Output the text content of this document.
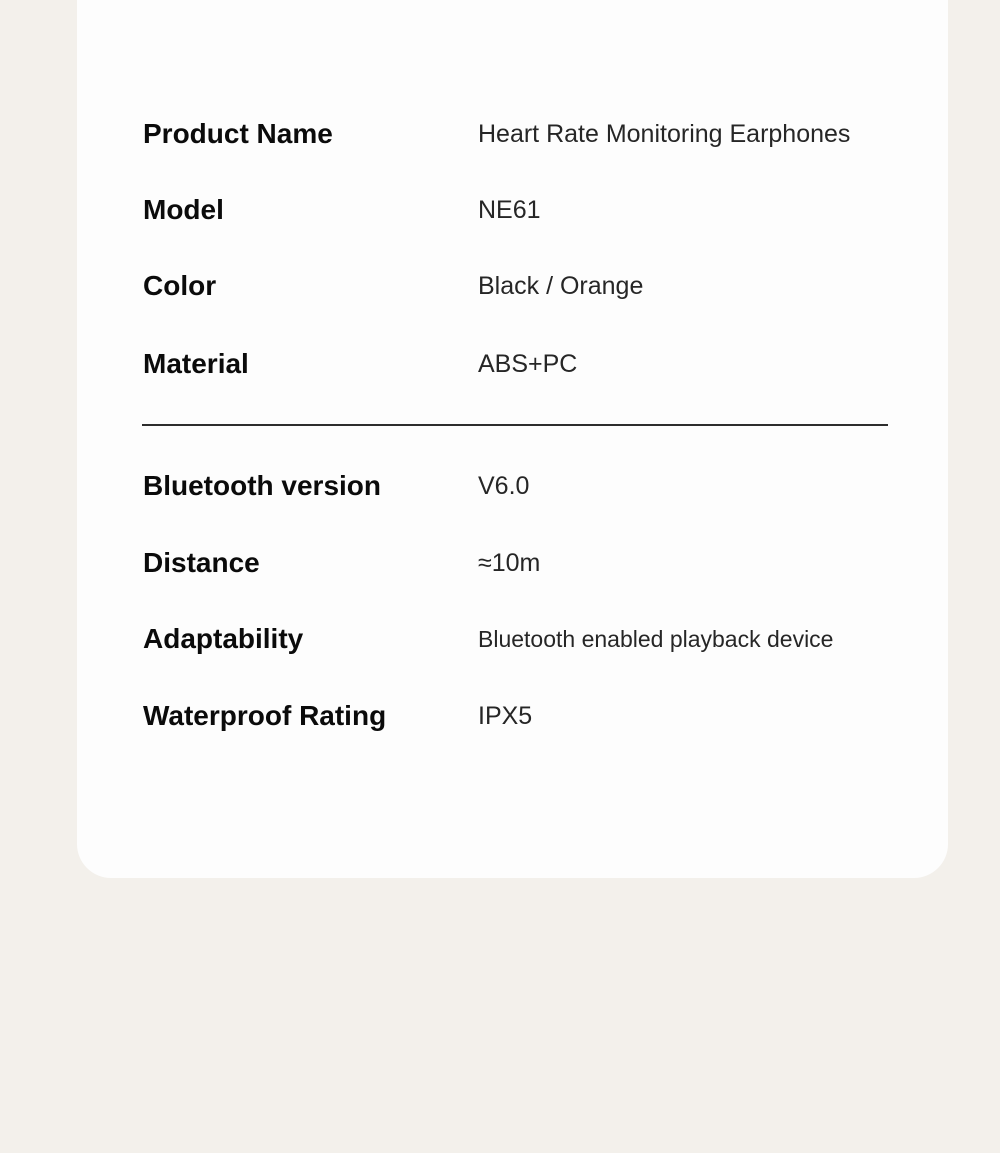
Product Name	Heart Rate Monitoring Earphones
Model	NE61
Color	Black / Orange
Material	ABS+PC
Bluetooth version	V6.0
Distance	≈10m
Adaptability	Bluetooth enabled playback device
Waterproof Rating	IPX5
